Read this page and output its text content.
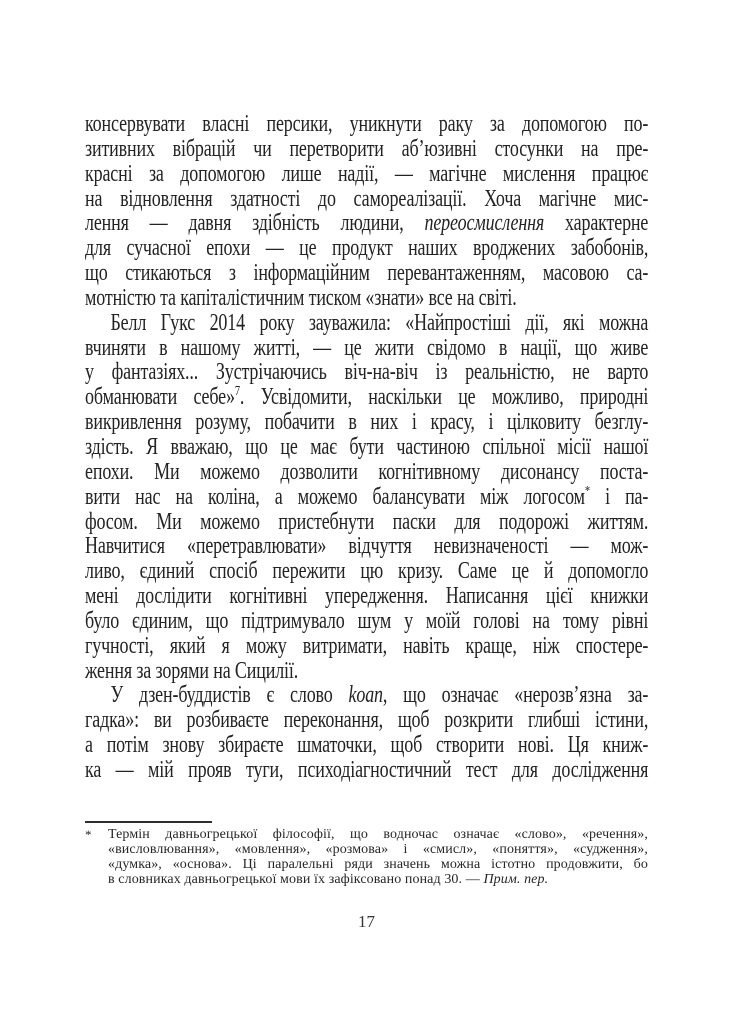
консервувати власні персики, уникнути раку за допомогою по-
зитивних вібрацій чи перетворити аб’юзивні стосунки на пре-
красні за допомогою лише надії, — магічне мислення працює
на відновлення здатності до самореалізації. Хоча магічне мис-
лення — давня здібність людини, переосмислення характерне
для сучасної епохи — це продукт наших вроджених забобонів,
що стикаються з інформаційним перевантаженням, масовою са-
мотністю та капіталістичним тиском «знати» все на світі.
Белл Гукс 2014 року зауважила: «Найпростіші дії, які можна
вчиняти в нашому житті, — це жити свідомо в нації, що живе
у фантазіях... Зустрічаючись віч-на-віч із реальністю, не варто
обманювати себе»$^7$. Усвідомити, наскільки це можливо, природні
викривлення розуму, побачити в них і красу, і цілковиту безглу-
здість. Я вважаю, що це має бути частиною спільної місії нашої
епохи. Ми можемо дозволити когнітивному дисонансу поста-
вити нас на коліна, а можемо балансувати між логосом* і па-
фосом. Ми можемо пристебнути паски для подорожі життям.
Навчитися «перетравлювати» відчуття невизначеності — мож-
ливо, єдиний спосіб пережити цю кризу. Саме це й допомогло
мені дослідити когнітивні упередження. Написання цієї книжки
було єдиним, що підтримувало шум у моїй голові на тому рівні
гучності, який я можу витримати, навіть краще, ніж спостере-
ження за зорями на Сицилії.
У дзен-буддистів є слово koan, що означає «нерозв’язна за-
гадка»: ви розбиваєте переконання, щоб розкрити глибші істини,
а потім знову збираєте шматочки, щоб створити нові. Ця книж-
ка — мій прояв туги, психодіагностичний тест для дослідження
*	Термін давньогрецької філософії, що водночас означає «слово», «речення»,
«висловлювання», «мовлення», «розмова» і «смисл», «поняття», «судження»,
«думка», «основа». Ці паралельні ряди значень можна істотно продовжити, бо
в словниках давньогрецької мови їх зафіксовано понад 30. — Прим. пер.
17
